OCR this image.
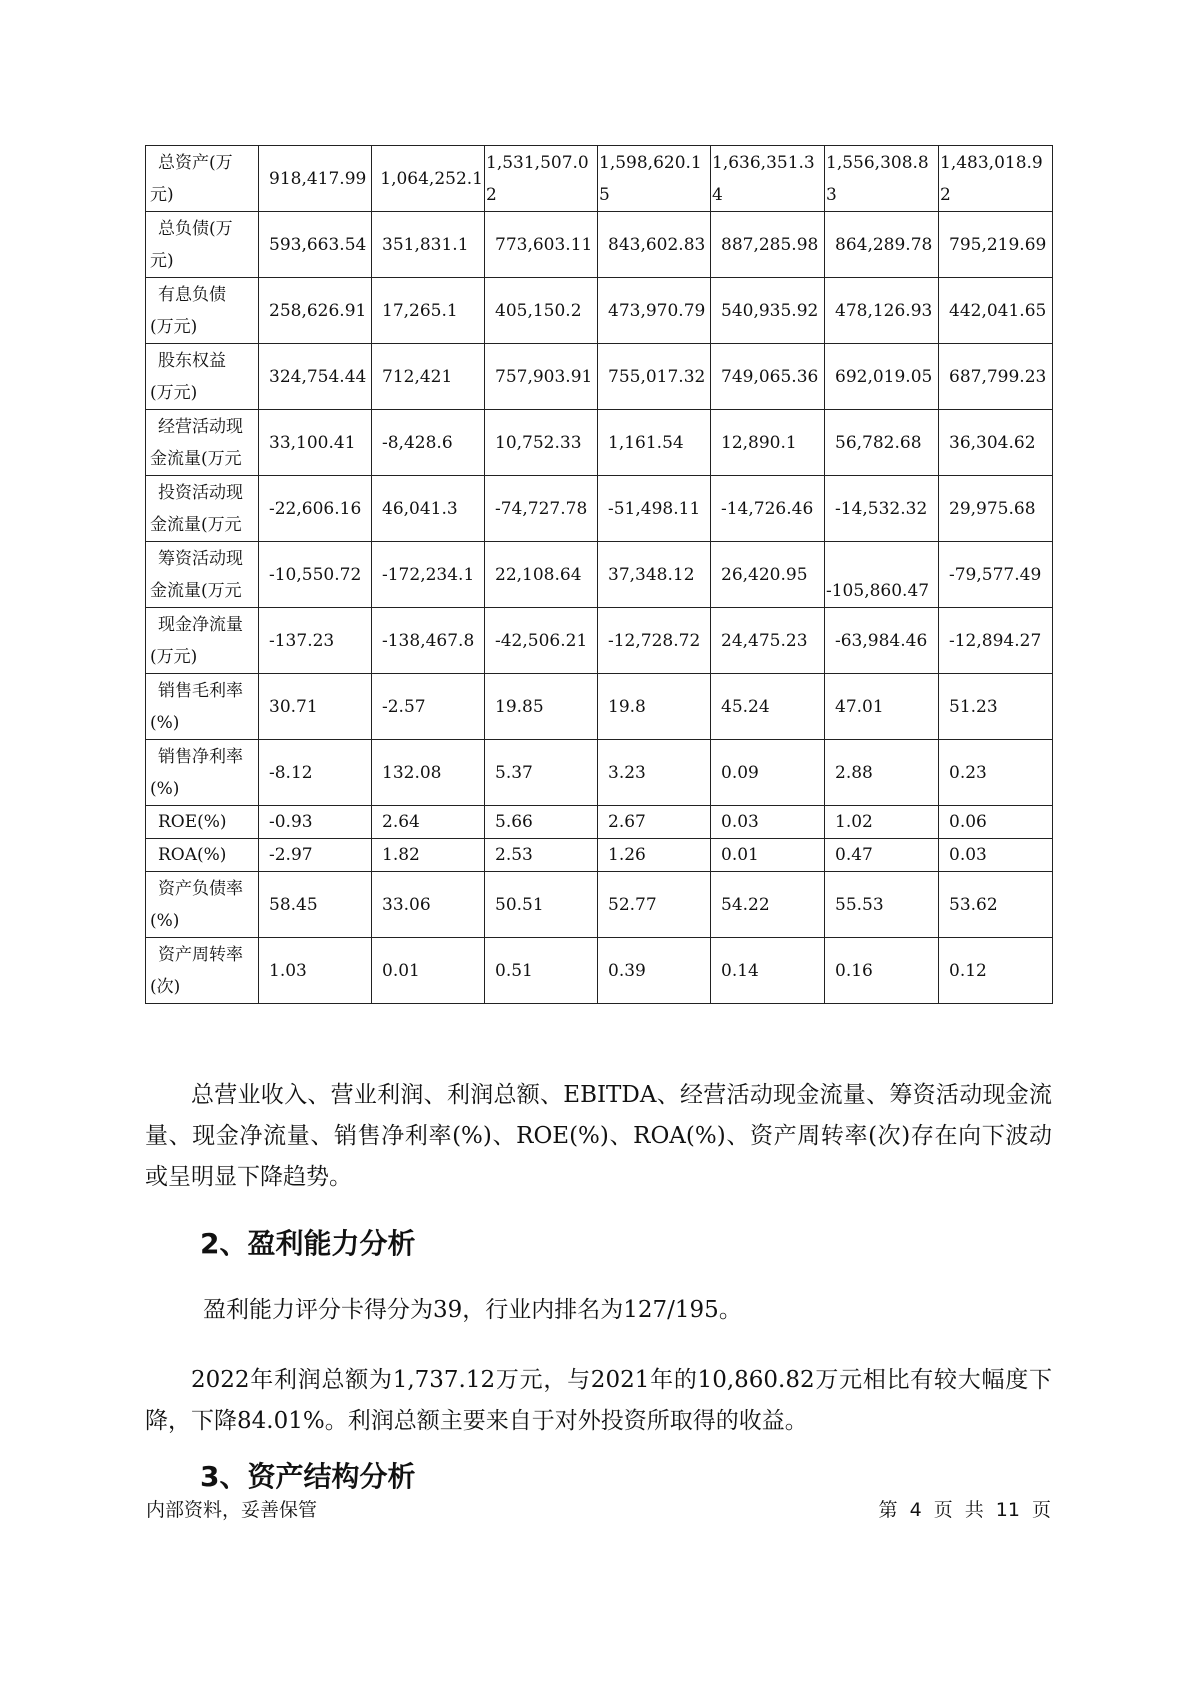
总资产(万
元)	918,417.99	1,064,252.1	1,531,507.02	1,598,620.15	1,636,351.34	1,556,308.83	1,483,018.92

总负债(万
元)	593,663.54	351,831.1	773,603.11	843,602.83	887,285.98	864,289.78	795,219.69

有息负债
(万元)	258,626.91	17,265.1	405,150.2	473,970.79	540,935.92	478,126.93	442,041.65

股东权益
(万元)	324,754.44	712,421	757,903.91	755,017.32	749,065.36	692,019.05	687,799.23

经营活动现
金流量(万元	33,100.41	-8,428.6	10,752.33	1,161.54	12,890.1	56,782.68	36,304.62

投资活动现
金流量(万元	-22,606.16	46,041.3	-74,727.78	-51,498.11	-14,726.46	-14,532.32	29,975.68

筹资活动现
金流量(万元	-10,550.72	-172,234.1	22,108.64	37,348.12	26,420.95	-105,860.47	-79,577.49

现金净流量
(万元)	-137.23	-138,467.8	-42,506.21	-12,728.72	24,475.23	-63,984.46	-12,894.27

销售毛利率
(%)	30.71	-2.57	19.85	19.8	45.24	47.01	51.23

销售净利率
(%)	-8.12	132.08	5.37	3.23	0.09	2.88	0.23

ROE(%)	-0.93	2.64	5.66	2.67	0.03	1.02	0.06

ROA(%)	-2.97	1.82	2.53	1.26	0.01	0.47	0.03

资产负债率
(%)	58.45	33.06	50.51	52.77	54.22	55.53	53.62

资产周转率
(次)	1.03	0.01	0.51	0.39	0.14	0.16	0.12
总营业收入、营业利润、利润总额、EBITDA、经营活动现金流量、筹资活动现金流量、现金净流量、销售净利率(%)、ROE(%)、ROA(%)、资产周转率(次)存在向下波动或呈明显下降趋势。
2、盈利能力分析
盈利能力评分卡得分为39，行业内排名为127/195。
2022年利润总额为1,737.12万元，与2021年的10,860.82万元相比有较大幅度下降，下降84.01%。利润总额主要来自于对外投资所取得的收益。
3、资产结构分析
内部资料，妥善保管	第 4 页 共 11 页
